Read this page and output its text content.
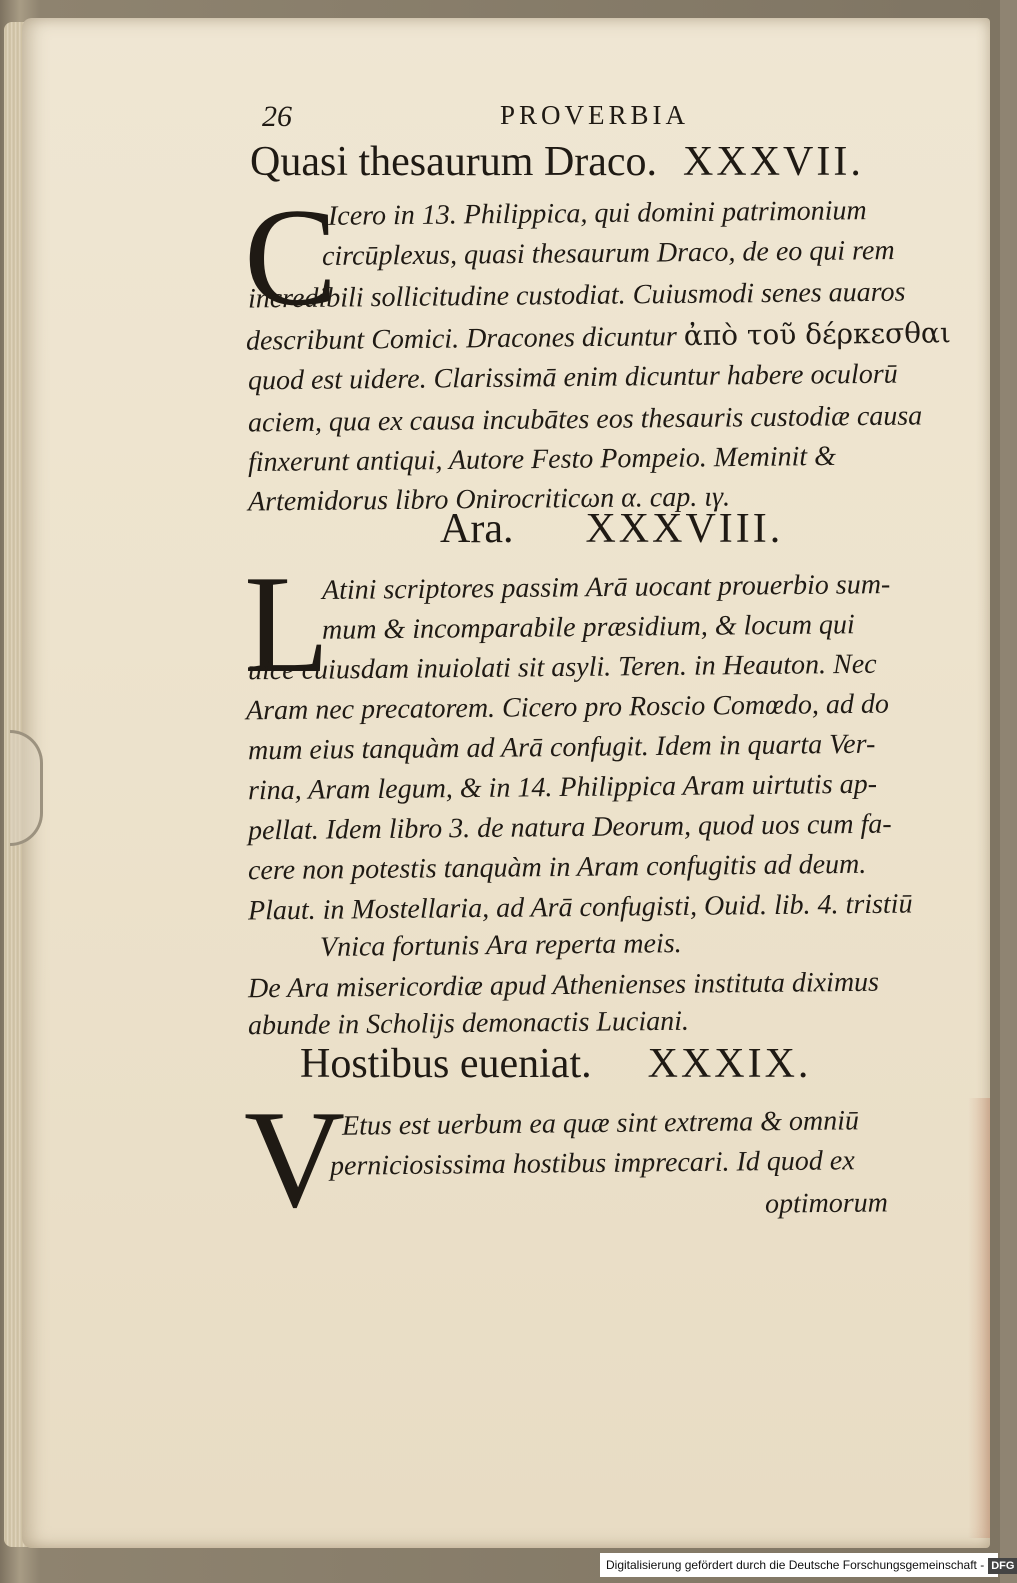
26	PROVERBIA
Quasi thesaurum Draco. XXXVII.
C
Icero in 13. Philippica, qui domini patrimonium
circūplexus, quasi thesaurum Draco, de eo qui rem
incredibili sollicitudine custodiat. Cuiusmodi senes auaros
describunt Comici. Dracones dicuntur ἀπὸ τοῦ δέρκεσθαι
quod est uidere. Clarissimā enim dicuntur habere oculorū
aciem, qua ex causa incubātes eos thesauris custodiæ causa
finxerunt antiqui, Autore Festo Pompeio. Meminit &
Artemidorus libro Onirocriticωn α. cap. ιγ.
Ara. XXXVIII.
L
Atini scriptores passim Arā uocant prouerbio sum-
mum & incomparabile præsidium, & locum qui
uice cuiusdam inuiolati sit asyli. Teren. in Heauton. Nec
Aram nec precatorem. Cicero pro Roscio Comœdo, ad do
mum eius tanquàm ad Arā confugit. Idem in quarta Ver-
rina, Aram legum, & in 14. Philippica Aram uirtutis ap-
pellat. Idem libro 3. de natura Deorum, quod uos cum fa-
cere non potestis tanquàm in Aram confugitis ad deum.
Plaut. in Mostellaria, ad Arā confugisti, Ouid. lib. 4. tristiū
Vnica fortunis Ara reperta meis.
De Ara misericordiæ apud Athenienses instituta diximus
abunde in Scholijs demonactis Luciani.
Hostibus eueniat. XXXIX.
V
Etus est uerbum ea quæ sint extrema & omniū
perniciosissima hostibus imprecari. Id quod ex
optimorum
Digitalisierung gefördert durch die Deutsche Forschungsgemeinschaft - DFG
